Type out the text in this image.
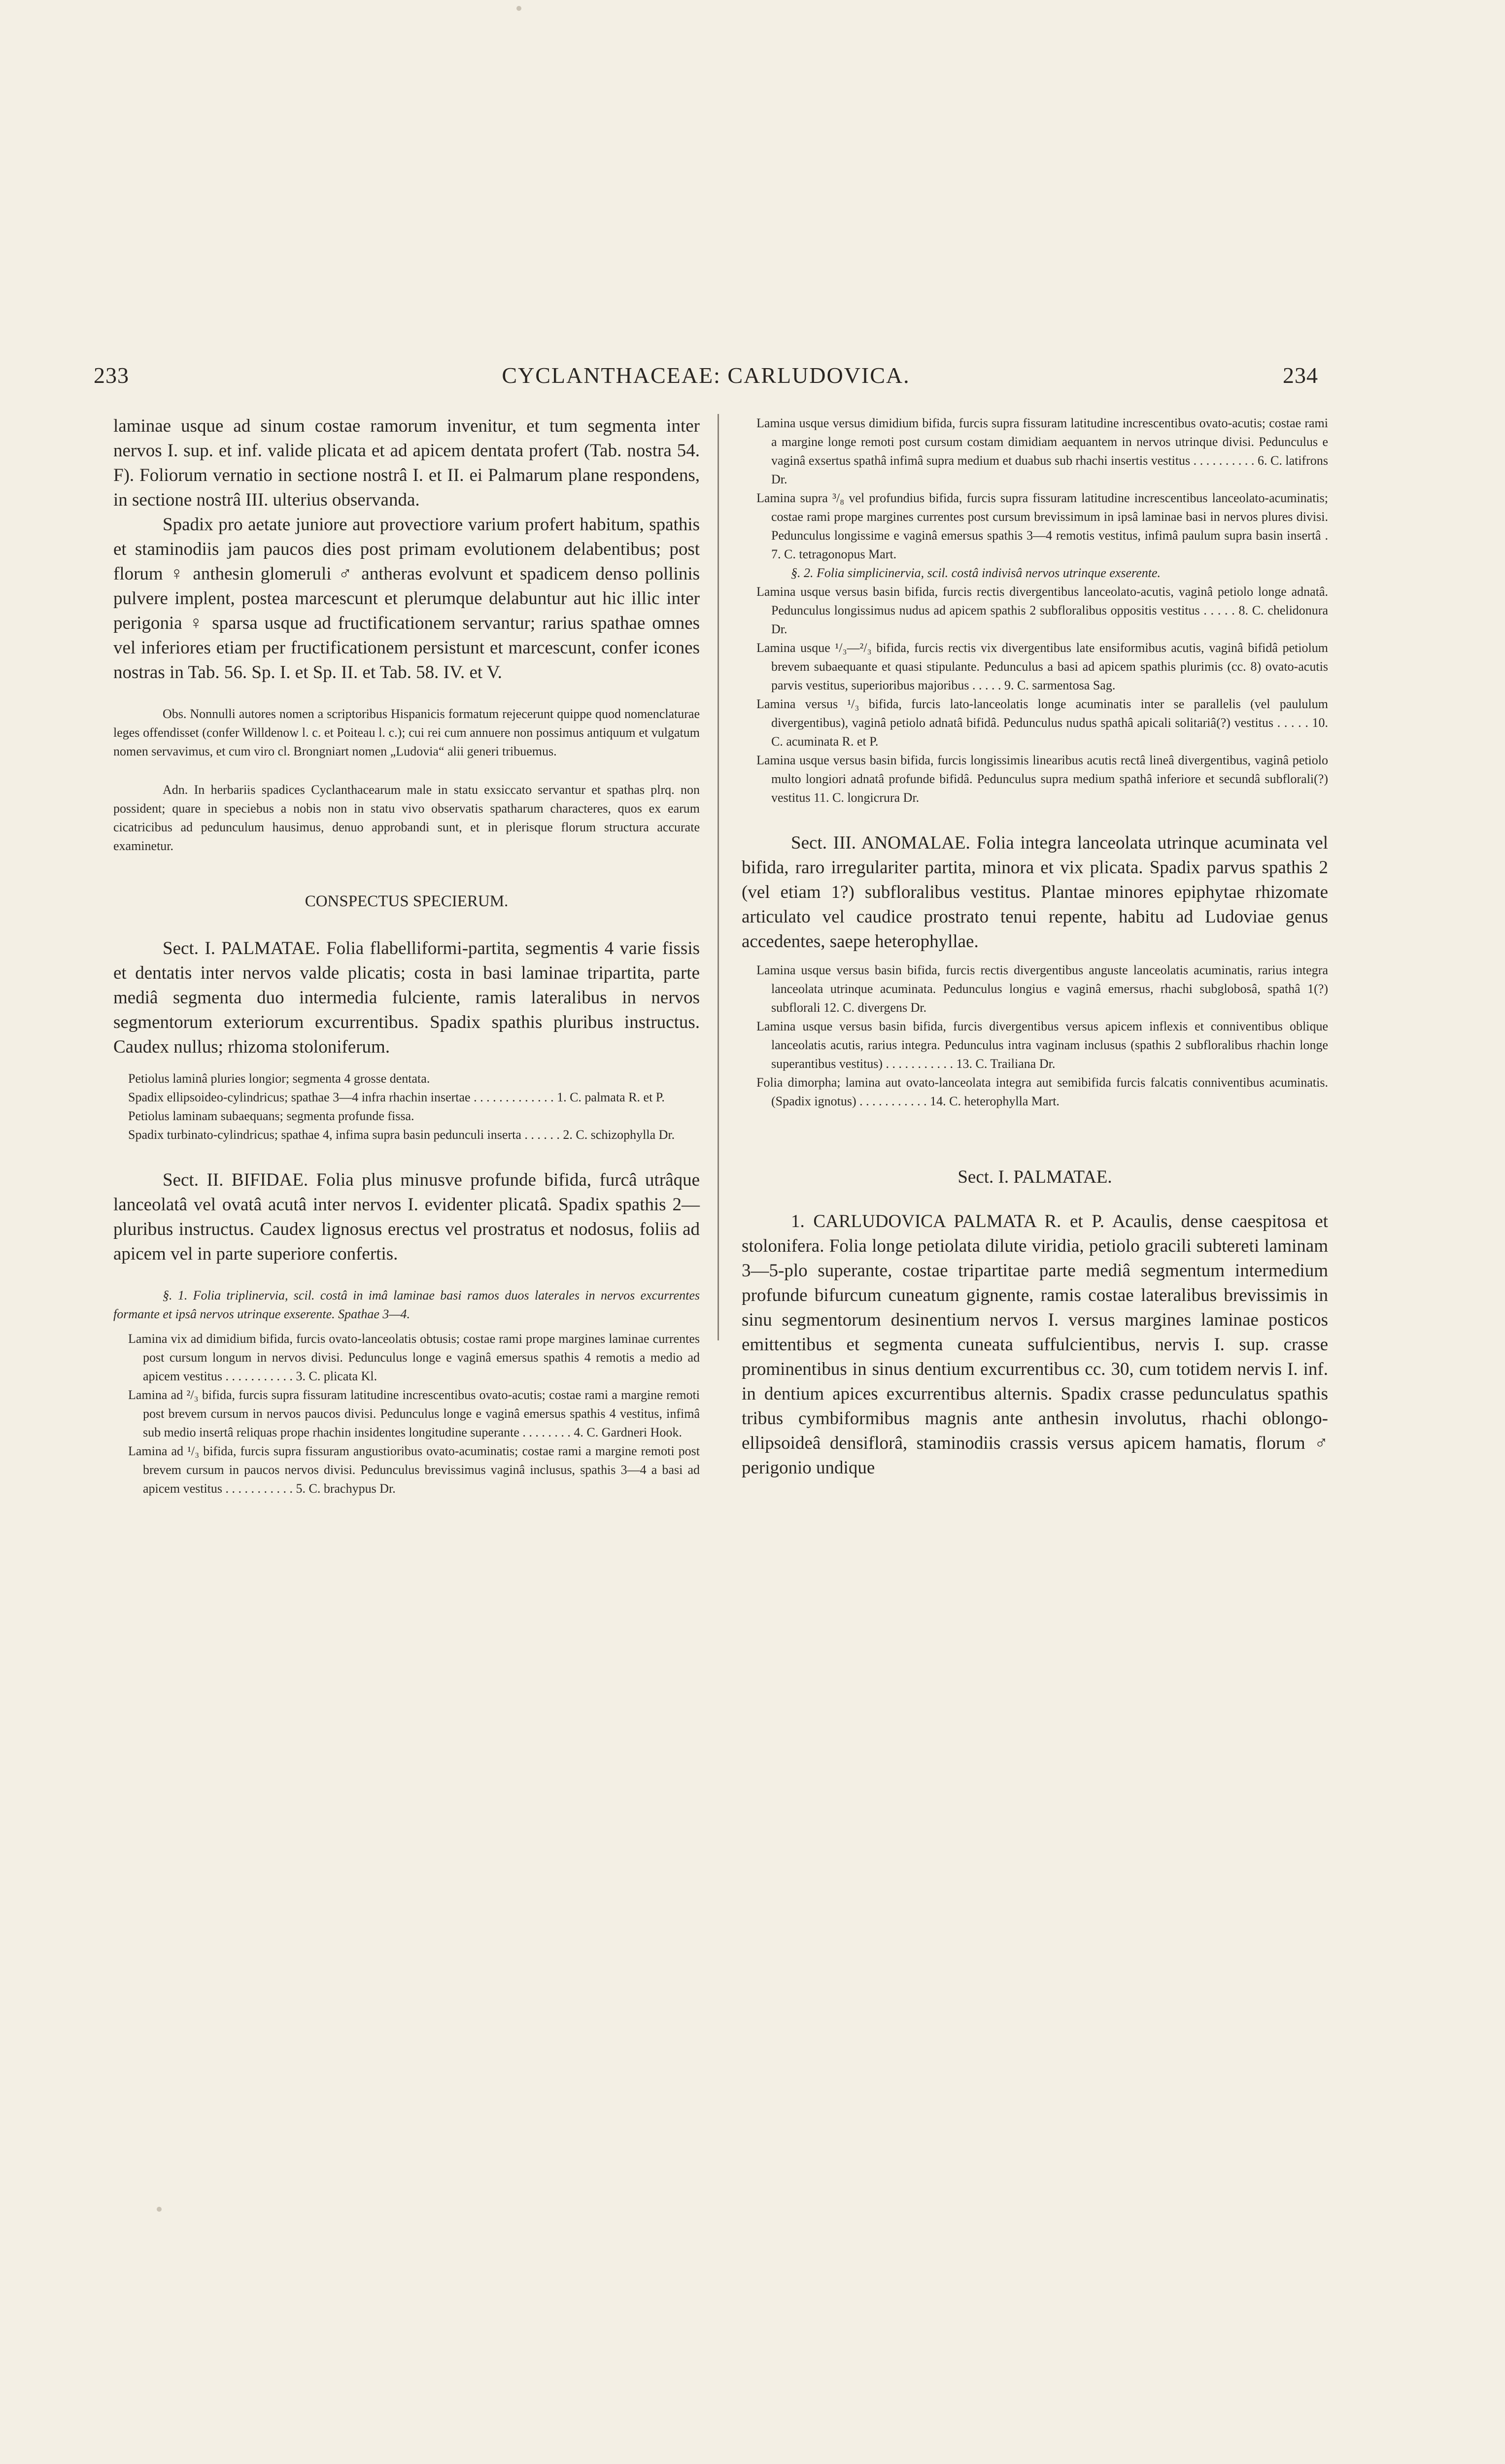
233	CYCLANTHACEAE: CARLUDOVICA.	234

laminae usque ad sinum costae ramorum invenitur, et tum segmenta inter nervos I. sup. et inf. valide plicata et ad apicem dentata profert (Tab. nostra 54. F). Foliorum vernatio in sectione nostrâ I. et II. ei Palmarum plane respondens, in sectione nostrâ III. ulterius observanda.

Spadix pro aetate juniore aut provectiore varium profert habitum, spathis et staminodiis jam paucos dies post primam evolutionem delabentibus; post florum ♀ anthesin glomeruli ♂ antheras evolvunt et spadicem denso pollinis pulvere implent, postea marcescunt et plerumque delabuntur aut hic illic inter perigonia ♀ sparsa usque ad fructificationem servantur; rarius spathae omnes vel inferiores etiam per fructificationem persistunt et marcescunt, confer icones nostras in Tab. 56. Sp. I. et Sp. II. et Tab. 58. IV. et V.

Obs. Nonnulli autores nomen a scriptoribus Hispanicis formatum rejecerunt quippe quod nomenclaturae leges offendisset (confer Willdenow l. c. et Poiteau l. c.); cui rei cum annuere non possimus antiquum et vulgatum nomen servavimus, et cum viro cl. Brongniart nomen „Ludovia“ alii generi tribuemus.

Adn. In herbariis spadices Cyclanthacearum male in statu exsiccato servantur et spathas plrq. non possident; quare in speciebus a nobis non in statu vivo observatis spatharum characteres, quos ex earum cicatricibus ad pedunculum hausimus, denuo approbandi sunt, et in plerisque florum structura accurate examinetur.

CONSPECTUS SPECIERUM.

Sect. I. PALMATAE. Folia flabelliformi-partita, segmentis 4 varie fissis et dentatis inter nervos valde plicatis; costa in basi laminae tripartita, parte mediâ segmenta duo intermedia fulciente, ramis lateralibus in nervos segmentorum exteriorum excurrentibus. Spadix spathis pluribus instructus. Caudex nullus; rhizoma stoloniferum.

Petiolus laminâ pluries longior; segmenta 4 grosse dentata.

Spadix ellipsoideo-cylindricus; spathae 3—4 infra rhachin insertae . . . . . . . . . . . . . 1. C. palmata R. et P.

Petiolus laminam subaequans; segmenta profunde fissa.

Spadix turbinato-cylindricus; spathae 4, infima supra basin pedunculi inserta . . . . . . 2. C. schizophylla Dr.

Sect. II. BIFIDAE. Folia plus minusve profunde bifida, furcâ utrâque lanceolatâ vel ovatâ acutâ inter nervos I. evidenter plicatâ. Spadix spathis 2—pluribus instructus. Caudex lignosus erectus vel prostratus et nodosus, foliis ad apicem vel in parte superiore confertis.

§. 1. Folia triplinervia, scil. costâ in imâ laminae basi ramos duos laterales in nervos excurrentes formante et ipsâ nervos utrinque exserente. Spathae 3—4.

Lamina vix ad dimidium bifida, furcis ovato-lanceolatis obtusis; costae rami prope margines laminae currentes post cursum longum in nervos divisi. Pedunculus longe e vaginâ emersus spathis 4 remotis a medio ad apicem vestitus . . . . . . . . . . . 3. C. plicata Kl.

Lamina ad ²/₃ bifida, furcis supra fissuram latitudine increscentibus ovato-acutis; costae rami a margine remoti post brevem cursum in nervos paucos divisi. Pedunculus longe e vaginâ emersus spathis 4 vestitus, infimâ sub medio insertâ reliquas prope rhachin insidentes longitudine superante . . . . . . . . 4. C. Gardneri Hook.

Lamina ad ¹/₃ bifida, furcis supra fissuram angustioribus ovato-acuminatis; costae rami a margine remoti post brevem cursum in paucos nervos divisi. Pedunculus brevissimus vaginâ inclusus, spathis 3—4 a basi ad apicem vestitus . . . . . . . . . . . 5. C. brachypus Dr.

Lamina usque versus dimidium bifida, furcis supra fissuram latitudine increscentibus ovato-acutis; costae rami a margine longe remoti post cursum costam dimidiam aequantem in nervos utrinque divisi. Pedunculus e vaginâ exsertus spathâ infimâ supra medium et duabus sub rhachi insertis vestitus . . . . . . . . . . 6. C. latifrons Dr.

Lamina supra ³/₈ vel profundius bifida, furcis supra fissuram latitudine increscentibus lanceolato-acuminatis; costae rami prope margines currentes post cursum brevissimum in ipsâ laminae basi in nervos plures divisi. Pedunculus longissime e vaginâ emersus spathis 3—4 remotis vestitus, infimâ paulum supra basin insertâ . 7. C. tetragonopus Mart.

§. 2. Folia simplicinervia, scil. costâ indivisâ nervos utrinque exserente.

Lamina usque versus basin bifida, furcis rectis divergentibus lanceolato-acutis, vaginâ petiolo longe adnatâ. Pedunculus longissimus nudus ad apicem spathis 2 subfloralibus oppositis vestitus . . . . . 8. C. chelidonura Dr.

Lamina usque ¹/₃—²/₃ bifida, furcis rectis vix divergentibus late ensiformibus acutis, vaginâ bifidâ petiolum brevem subaequante et quasi stipulante. Pedunculus a basi ad apicem spathis plurimis (cc. 8) ovato-acutis parvis vestitus, superioribus majoribus . . . . . 9. C. sarmentosa Sag.

Lamina versus ¹/₃ bifida, furcis lato-lanceolatis longe acuminatis inter se parallelis (vel paululum divergentibus), vaginâ petiolo adnatâ bifidâ. Pedunculus nudus spathâ apicali solitariâ(?) vestitus . . . . . 10. C. acuminata R. et P.

Lamina usque versus basin bifida, furcis longissimis linearibus acutis rectâ lineâ divergentibus, vaginâ petiolo multo longiori adnatâ profunde bifidâ. Pedunculus supra medium spathâ inferiore et secundâ subflorali(?) vestitus 11. C. longicrura Dr.

Sect. III. ANOMALAE. Folia integra lanceolata utrinque acuminata vel bifida, raro irregulariter partita, minora et vix plicata. Spadix parvus spathis 2 (vel etiam 1?) subfloralibus vestitus. Plantae minores epiphytae rhizomate articulato vel caudice prostrato tenui repente, habitu ad Ludoviae genus accedentes, saepe heterophyllae.

Lamina usque versus basin bifida, furcis rectis divergentibus anguste lanceolatis acuminatis, rarius integra lanceolata utrinque acuminata. Pedunculus longius e vaginâ emersus, rhachi subglobosâ, spathâ 1(?) subflorali 12. C. divergens Dr.

Lamina usque versus basin bifida, furcis divergentibus versus apicem inflexis et conniventibus oblique lanceolatis acutis, rarius integra. Pedunculus intra vaginam inclusus (spathis 2 subfloralibus rhachin longe superantibus vestitus) . . . . . . . . . . . 13. C. Trailiana Dr.

Folia dimorpha; lamina aut ovato-lanceolata integra aut semibifida furcis falcatis conniventibus acuminatis. (Spadix ignotus) . . . . . . . . . . . 14. C. heterophylla Mart.

Sect. I. PALMATAE.

1. CARLUDOVICA PALMATA R. et P. Acaulis, dense caespitosa et stolonifera. Folia longe petiolata dilute viridia, petiolo gracili subtereti laminam 3—5-plo superante, costae tripartitae parte mediâ segmentum intermedium profunde bifurcum cuneatum gignente, ramis costae lateralibus brevissimis in sinu segmentorum desinentium nervos I. versus margines laminae posticos emittentibus et segmenta cuneata suffulcientibus, nervis I. sup. crasse prominentibus in sinus dentium excurrentibus cc. 30, cum totidem nervis I. inf. in dentium apices excurrentibus alternis. Spadix crasse pedunculatus spathis tribus cymbiformibus magnis ante anthesin involutus, rhachi oblongo-ellipsoideâ densiflorâ, staminodiis crassis versus apicem hamatis, florum ♂ perigonio undique
